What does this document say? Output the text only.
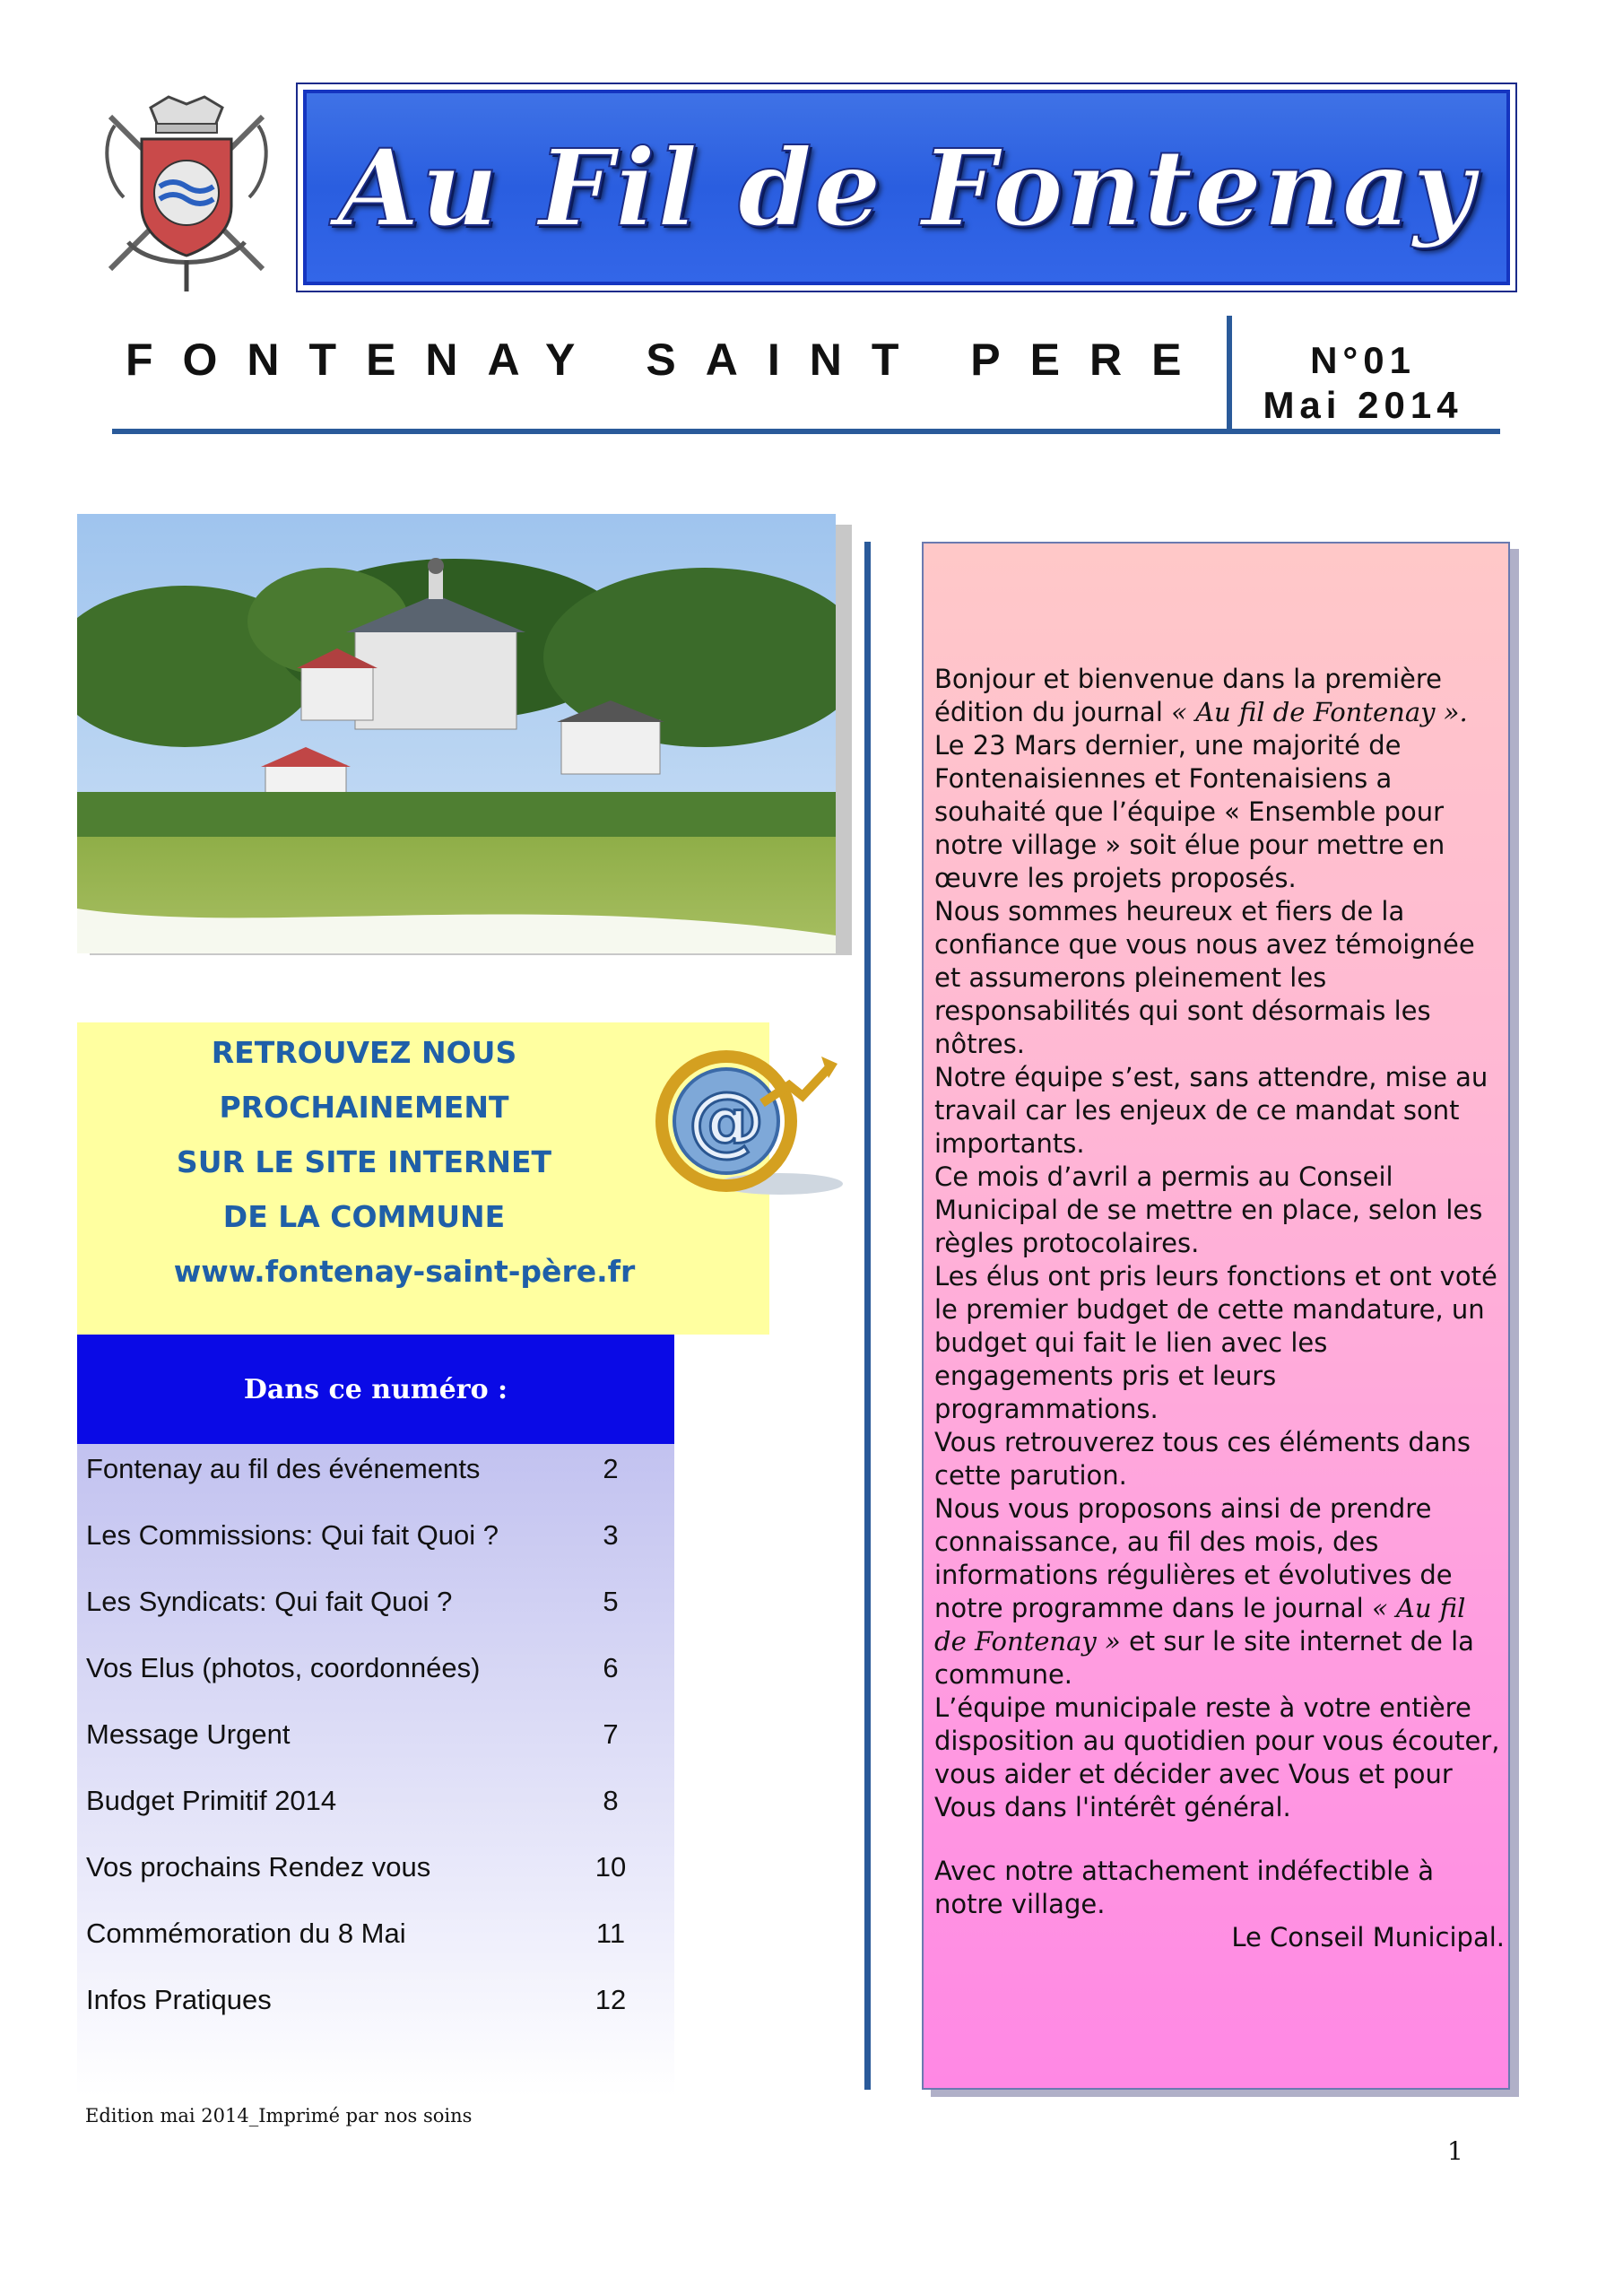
Au Fil de Fontenay
FONTENAY SAINT PERE	N°01
Mai 2014
RETROUVEZ NOUS
PROCHAINEMENT
SUR LE SITE INTERNET
DE LA COMMUNE
www.fontenay-saint-père.fr
@
Dans ce numéro :
Fontenay au fil des événements	2
Les Commissions: Qui fait Quoi ?	3
Les Syndicats: Qui fait Quoi ?	5
Vos Elus (photos, coordonnées)	6
Message Urgent	7
Budget Primitif 2014	8
Vos prochains Rendez vous	10
Commémoration du 8 Mai	11
Infos Pratiques	12
Edition mai 2014_Imprimé par nos soins
1

Bonjour et bienvenue dans la première édition du journal « Au fil de Fontenay ».

Le 23 Mars dernier, une majorité de Fontenaisiennes et Fontenaisiens a souhaité que l’équipe « Ensemble pour notre village » soit élue pour mettre en œuvre les projets proposés.

Nous sommes heureux et fiers de la confiance que vous nous avez témoignée et assumerons pleinement les responsabilités qui sont désormais les nôtres.

Notre équipe s’est, sans attendre, mise au travail car les enjeux de ce mandat sont importants.

Ce mois d’avril a permis au Conseil Municipal de se mettre en place, selon les règles protocolaires.

Les élus ont pris leurs fonctions et ont voté le premier budget de cette mandature, un budget qui fait le lien avec les engagements pris et leurs programmations.

Vous retrouverez tous ces éléments dans cette parution.

Nous vous proposons ainsi de prendre connaissance, au fil des mois, des informations régulières et évolutives de notre programme dans le journal « Au fil de Fontenay » et sur le site internet de la commune.

L’équipe municipale reste à votre entière disposition au quotidien pour vous écouter, vous aider et décider avec Vous et pour Vous dans l'intérêt général.

Avec notre attachement indéfectible à notre village.

Le Conseil Municipal.
